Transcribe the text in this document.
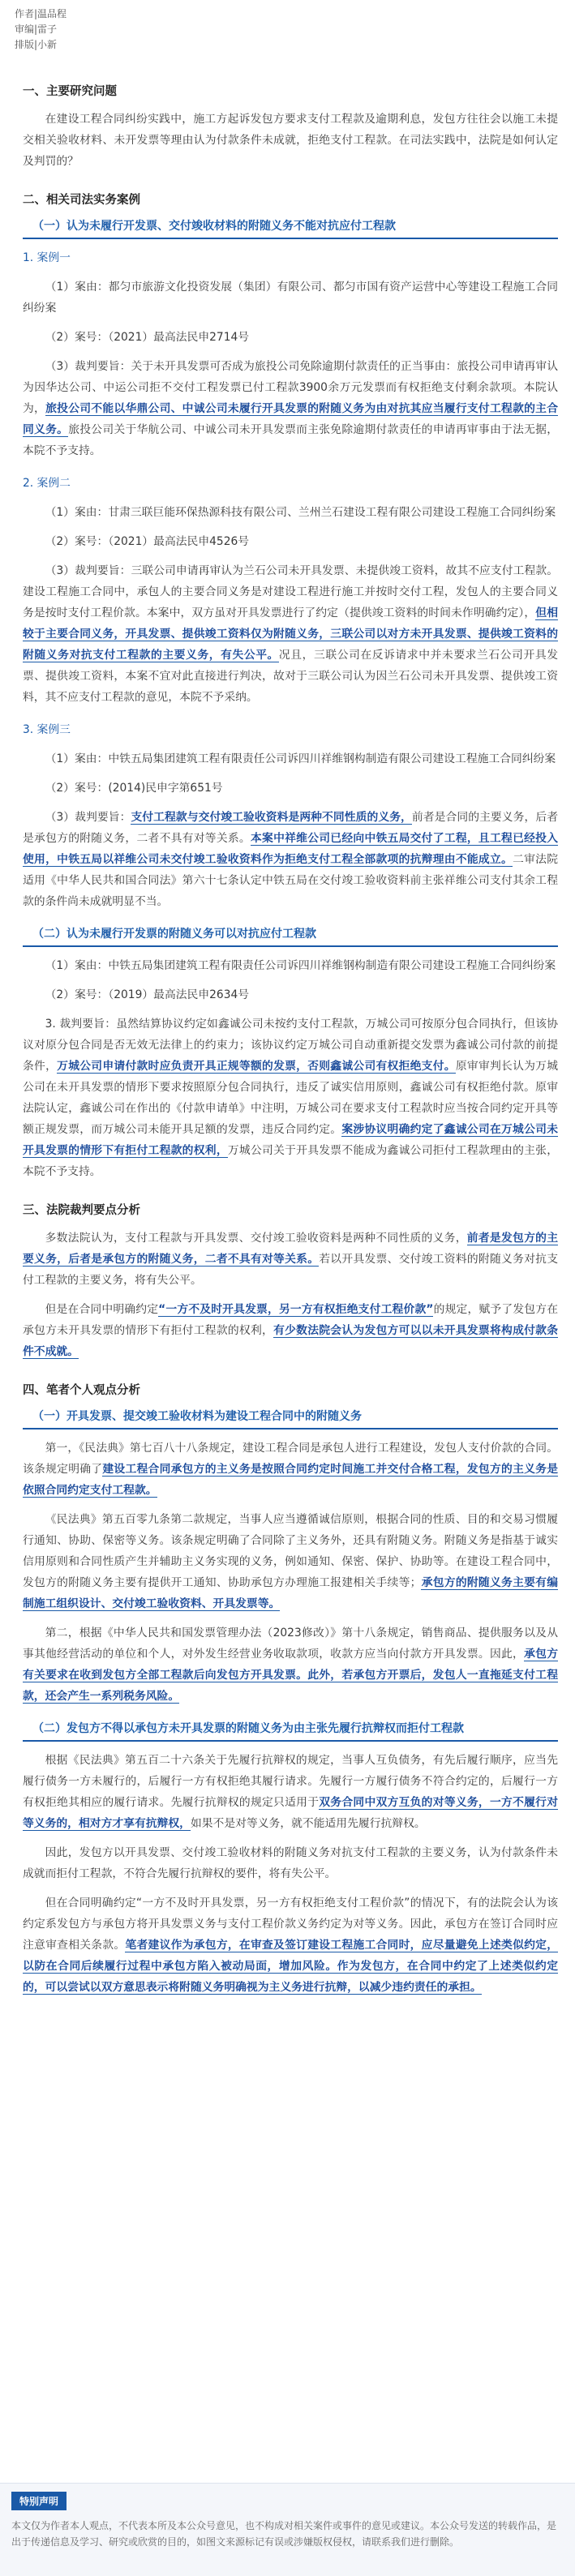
作者|温品程
审编|雷子
排版|小新

一、主要研究问题

在建设工程合同纠纷实践中，施工方起诉发包方要求支付工程款及逾期利息，发包方往往会以施工未提交相关验收材料、未开发票等理由认为付款条件未成就，拒绝支付工程款。在司法实践中，法院是如何认定及判罚的？

二、相关司法实务案例

（一）认为未履行开发票、交付竣收材料的附随义务不能对抗应付工程款

1. 案例一

（1）案由：都匀市旅游文化投资发展（集团）有限公司、都匀市国有资产运营中心等建设工程施工合同纠纷案

（2）案号：（2021）最高法民申2714号

（3）裁判要旨：关于未开具发票可否成为旅投公司免除逾期付款责任的正当事由：旅投公司申请再审认为因华达公司、中运公司拒不交付工程发票已付工程款3900余万元发票而有权拒绝支付剩余款项。本院认为，旅投公司不能以华鼎公司、中诚公司未履行开具发票的附随义务为由对抗其应当履行支付工程款的主合同义务。旅投公司关于华航公司、中诚公司未开具发票而主张免除逾期付款责任的申请再审事由于法无据，本院不予支持。

2. 案例二

（1）案由：甘肃三联巨能环保热源科技有限公司、兰州兰石建设工程有限公司建设工程施工合同纠纷案

（2）案号：（2021）最高法民申4526号

（3）裁判要旨：三联公司申请再审认为兰石公司未开具发票、未提供竣工资料，故其不应支付工程款。建设工程施工合同中，承包人的主要合同义务是对建设工程进行施工并按时交付工程，发包人的主要合同义务是按时支付工程价款。本案中，双方虽对开具发票进行了约定（提供竣工资料的时间未作明确约定），但相较于主要合同义务，开具发票、提供竣工资料仅为附随义务，三联公司以对方未开具发票、提供竣工资料的附随义务对抗支付工程款的主要义务，有失公平。况且，三联公司在反诉请求中并未要求兰石公司开具发票、提供竣工资料，本案不宜对此直接进行判决，故对于三联公司认为因兰石公司未开具发票、提供竣工资料，其不应支付工程款的意见，本院不予采纳。

3. 案例三

（1）案由：中铁五局集团建筑工程有限责任公司诉四川祥维钢构制造有限公司建设工程施工合同纠纷案

（2）案号：(2014)民申字第651号

（3）裁判要旨：支付工程款与交付竣工验收资料是两种不同性质的义务，前者是合同的主要义务，后者是承包方的附随义务，二者不具有对等关系。本案中祥维公司已经向中铁五局交付了工程，且工程已经投入使用，中铁五局以祥维公司未交付竣工验收资料作为拒绝支付工程全部款项的抗辩理由不能成立。二审法院适用《中华人民共和国合同法》第六十七条认定中铁五局在交付竣工验收资料前主张祥维公司支付其余工程款的条件尚未成就明显不当。

（二）认为未履行开发票的附随义务可以对抗应付工程款

（1）案由：中铁五局集团建筑工程有限责任公司诉四川祥维钢构制造有限公司建设工程施工合同纠纷案

（2）案号：（2019）最高法民申2634号

3. 裁判要旨：虽然结算协议约定如鑫诚公司未按约支付工程款，万城公司可按原分包合同执行，但该协议对原分包合同是否无效无法律上的约束力；该协议约定万城公司自动重新提交发票为鑫诚公司付款的前提条件，万城公司申请付款时应负责开具正规等额的发票，否则鑫诚公司有权拒绝支付。原审审判长认为万城公司在未开具发票的情形下要求按照原分包合同执行，违反了诚实信用原则，鑫诚公司有权拒绝付款。原审法院认定，鑫诚公司在作出的《付款申请单》中注明，万城公司在要求支付工程款时应当按合同约定开具等额正规发票，而万城公司未能开具足额的发票，违反合同约定。案涉协议明确约定了鑫诚公司在万城公司未开具发票的情形下有拒付工程款的权利，万城公司关于开具发票不能成为鑫诚公司拒付工程款理由的主张，本院不予支持。

三、法院裁判要点分析

多数法院认为，支付工程款与开具发票、交付竣工验收资料是两种不同性质的义务，前者是发包方的主要义务，后者是承包方的附随义务，二者不具有对等关系。若以开具发票、交付竣工资料的附随义务对抗支付工程款的主要义务，将有失公平。

但是在合同中明确约定“一方不及时开具发票，另一方有权拒绝支付工程价款”的规定，赋予了发包方在承包方未开具发票的情形下有拒付工程款的权利，有少数法院会认为发包方可以以未开具发票将构成付款条件不成就。

四、笔者个人观点分析

（一）开具发票、提交竣工验收材料为建设工程合同中的附随义务

第一，《民法典》第七百八十八条规定，建设工程合同是承包人进行工程建设，发包人支付价款的合同。该条规定明确了建设工程合同承包方的主义务是按照合同约定时间施工并交付合格工程，发包方的主义务是依照合同约定支付工程款。

《民法典》第五百零九条第二款规定，当事人应当遵循诚信原则，根据合同的性质、目的和交易习惯履行通知、协助、保密等义务。该条规定明确了合同除了主义务外，还具有附随义务。附随义务是指基于诚实信用原则和合同性质产生并辅助主义务实现的义务，例如通知、保密、保护、协助等。在建设工程合同中，发包方的附随义务主要有提供开工通知、协助承包方办理施工报建相关手续等；承包方的附随义务主要有编制施工组织设计、交付竣工验收资料、开具发票等。

第二，根据《中华人民共和国发票管理办法（2023修改）》第十八条规定，销售商品、提供服务以及从事其他经营活动的单位和个人，对外发生经营业务收取款项，收款方应当向付款方开具发票。因此，承包方有关要求在收到发包方全部工程款后向发包方开具发票。此外，若承包方开票后，发包人一直拖延支付工程款，还会产生一系列税务风险。

（二）发包方不得以承包方未开具发票的附随义务为由主张先履行抗辩权而拒付工程款

根据《民法典》第五百二十六条关于先履行抗辩权的规定，当事人互负债务，有先后履行顺序，应当先履行债务一方未履行的，后履行一方有权拒绝其履行请求。先履行一方履行债务不符合约定的，后履行一方有权拒绝其相应的履行请求。先履行抗辩权的规定只适用于双务合同中双方互负的对等义务，一方不履行对等义务的，相对方才享有抗辩权，如果不是对等义务，就不能适用先履行抗辩权。

因此，发包方以开具发票、交付竣工验收材料的附随义务对抗支付工程款的主要义务，认为付款条件未成就而拒付工程款，不符合先履行抗辩权的要件，将有失公平。

但在合同明确约定“一方不及时开具发票，另一方有权拒绝支付工程价款”的情况下，有的法院会认为该约定系发包方与承包方将开具发票义务与支付工程价款义务约定为对等义务。因此，承包方在签订合同时应注意审查相关条款。笔者建议作为承包方，在审查及签订建设工程施工合同时，应尽量避免上述类似约定，以防在合同后续履行过程中承包方陷入被动局面，增加风险。作为发包方，在合同中约定了上述类似约定的，可以尝试以双方意思表示将附随义务明确视为主义务进行抗辩，以减少违约责任的承担。

特别声明
本文仅为作者本人观点，不代表本所及本公众号意见，也不构成对相关案件或事件的意见或建议。本公众号发送的转载作品，是出于传递信息及学习、研究或欣赏的目的，如图文来源标记有误或涉嫌版权侵权，请联系我们进行删除。
